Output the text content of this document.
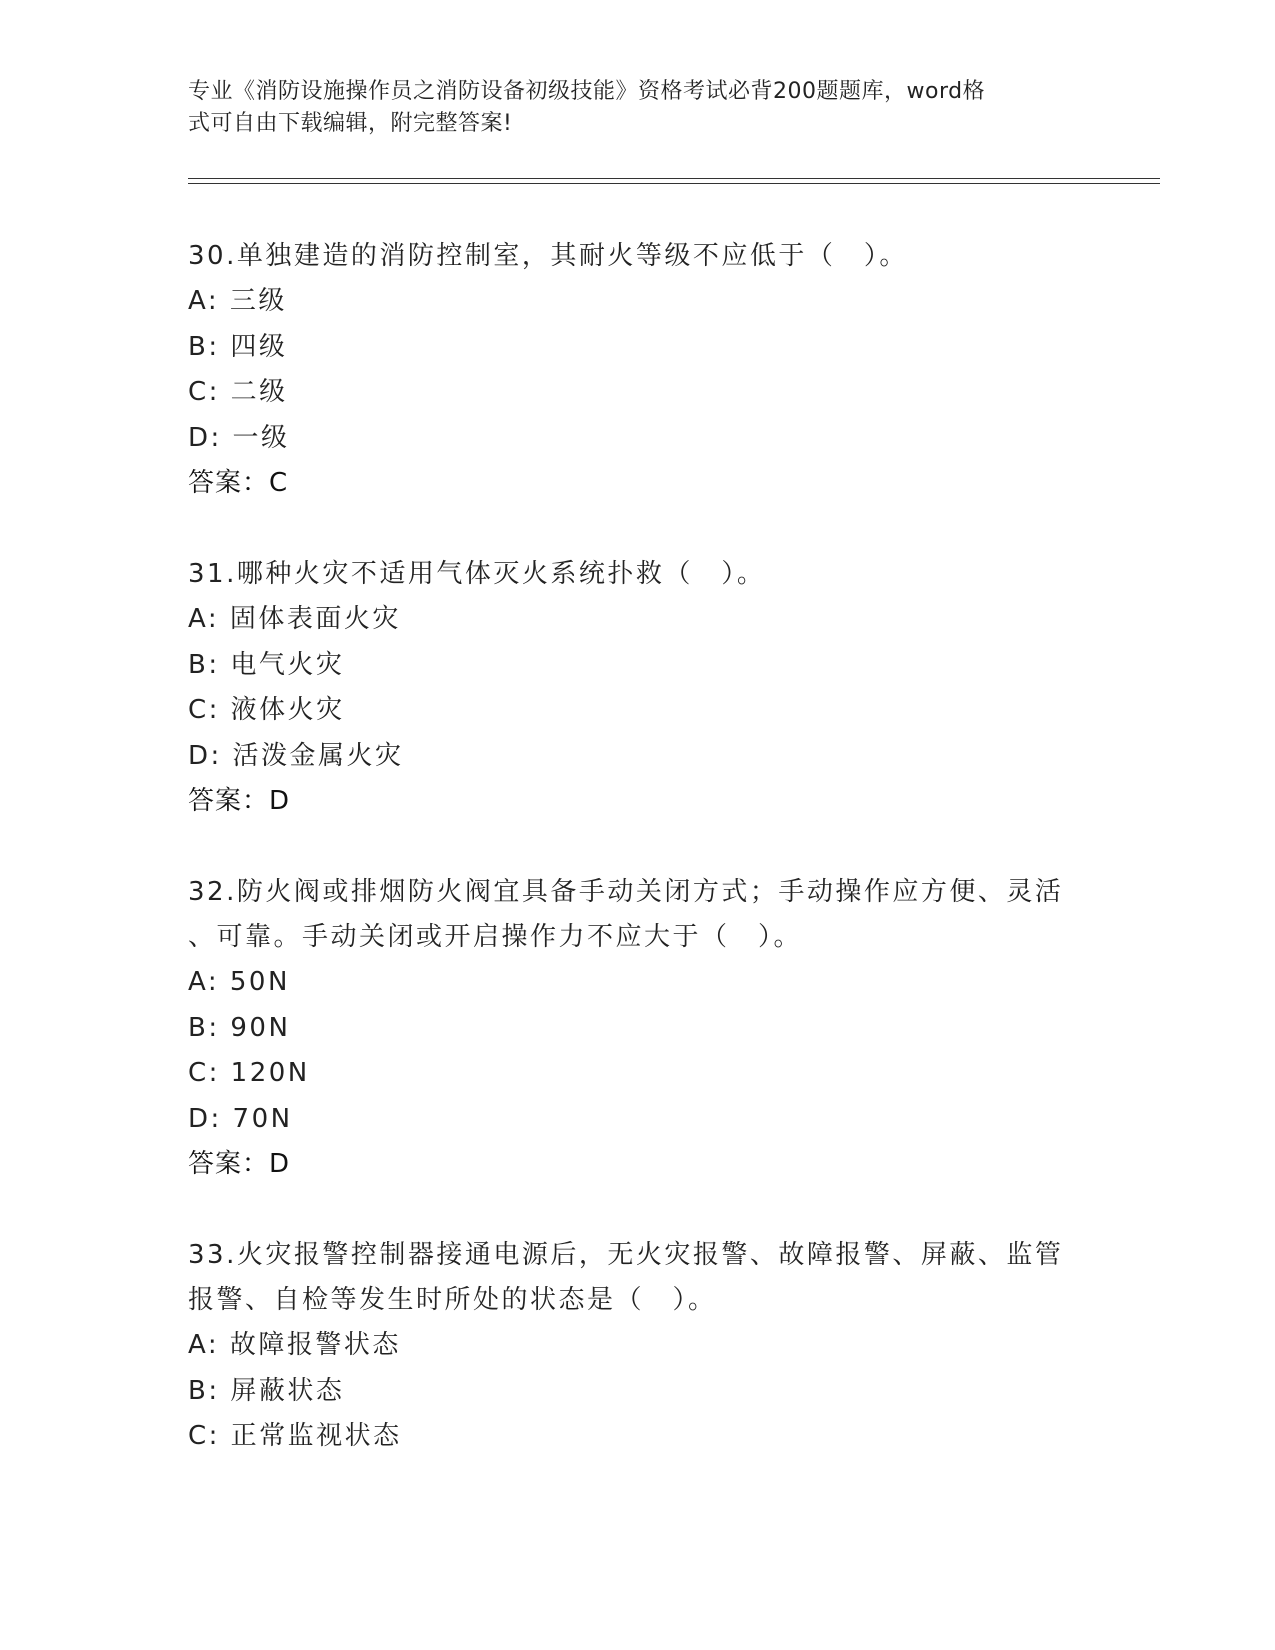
专业《消防设施操作员之消防设备初级技能》资格考试必背200题题库，word格
式可自由下载编辑，附完整答案!
30.单独建造的消防控制室，其耐火等级不应低于（　）。
A: 三级
B: 四级
C: 二级
D: 一级
答案：C
31.哪种火灾不适用气体灭火系统扑救（　）。
A: 固体表面火灾
B: 电气火灾
C: 液体火灾
D: 活泼金属火灾
答案：D
32.防火阀或排烟防火阀宜具备手动关闭方式；手动操作应方便、灵活
、可靠。手动关闭或开启操作力不应大于（　）。
A: 50N
B: 90N
C: 120N
D: 70N
答案：D
33.火灾报警控制器接通电源后，无火灾报警、故障报警、屏蔽、监管
报警、自检等发生时所处的状态是（　）。
A: 故障报警状态
B: 屏蔽状态
C: 正常监视状态
